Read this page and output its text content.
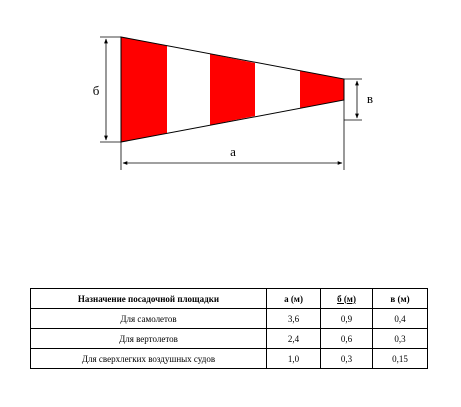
б
в
а
Назначение посадочной площадки	а (м)	б (м)	в (м)
Для самолетов	3,6	0,9	0,4
Для вертолетов	2,4	0,6	0,3
Для сверхлегких воздушных судов	1,0	0,3	0,15
